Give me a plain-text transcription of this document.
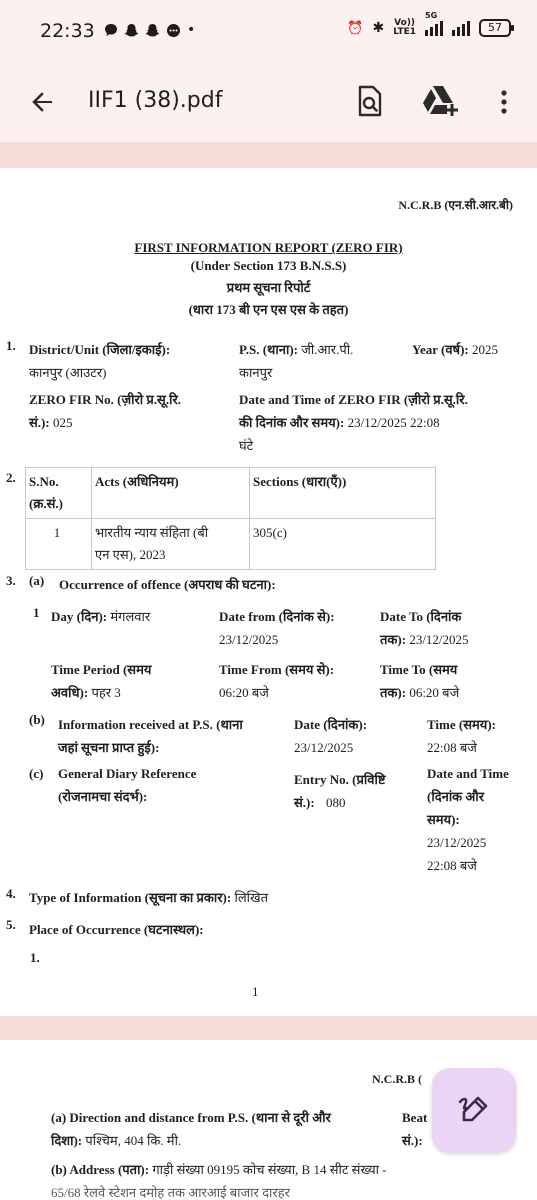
22:33	•	⏰ ✱ Vo))
LTE1
5G
57
IIF1 (38).pdf
N.C.R.B (एन.सी.आर.बी)
FIRST INFORMATION REPORT (ZERO FIR)
(Under Section 173 B.N.S.S)
प्रथम सूचना रिपोर्ट
(धारा 173 बी एन एस एस के तहत)
1. District/Unit (जिला/इकाई):
कानपुर (आउटर)
P.S. (थाना): जी.आर.पी.
कानपुर
Year (वर्ष): 2025
ZERO FIR No. (ज़ीरो प्र.सू.रि.
सं.): 025
Date and Time of ZERO FIR (ज़ीरो प्र.सू.रि.
की दिनांक और समय): 23/12/2025 22:08
घंटे
2. S.No.
(क्र.सं.)	Acts (अधिनियम)	Sections (धारा(एँ))
1	भारतीय न्याय संहिता (बी
एन एस), 2023	305(c)
3. (a) Occurrence of offence (अपराध की घटना):
1 Day (दिन): मंगलवार	Date from (दिनांक से):
23/12/2025
Date To (दिनांक
तक): 23/12/2025
Time Period (समय
अवधि): पहर 3
Time From (समय से):
06:20 बजे
Time To (समय
तक): 06:20 बजे
(b) Information received at P.S. (थाना
जहां सूचना प्राप्त हुई):
Date (दिनांक):
23/12/2025
Time (समय):
22:08 बजे
(c) General Diary Reference
(रोजनामचा संदर्भ):
Entry No. (प्रविष्टि
सं.): 080
Date and Time
(दिनांक और
समय):
23/12/2025
22:08 बजे
4. Type of Information (सूचना का प्रकार): लिखित
5. Place of Occurrence (घटनास्थल):
1.
1
N.C.R.B (
(a) Direction and distance from P.S. (थाना से दूरी और
दिशा): पश्चिम, 404 कि. मी.
Beat
सं.):
(b) Address (पता): गाड़ी संख्या 09195 कोच संख्या, B 14 सीट संख्या -
65/68 रेलवे स्टेशन दमोह तक आरआई बाजार दारहर
